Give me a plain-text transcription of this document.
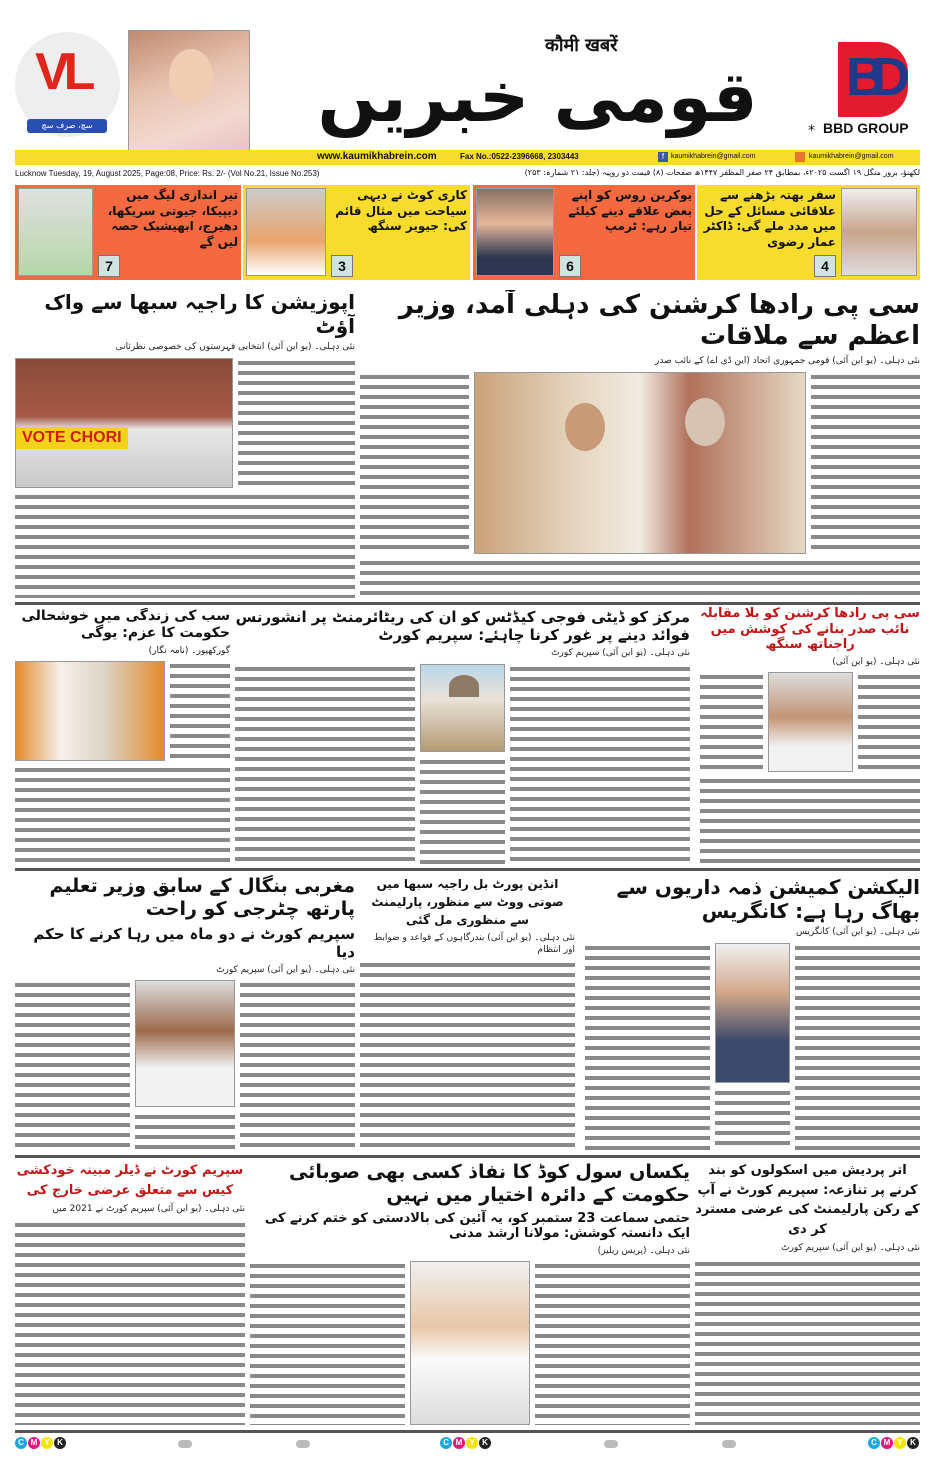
VL
سچ، صرف سچ
कौमी खबरें
قومی خبریں	*
BD
BBD GROUP
www.kaumikhabrein.com	Fax No.:0522-2396668, 2303443	f kaumikhabrein@gmail.com	kaumikhabrein@gmail.com
Lucknow Tuesday, 19, August 2025, Page:08, Price: Rs. 2/- (Vol No.21, Issue No.253)	لکھنؤ، بروز منگل ۱۹ اگست ۲۰۲۵ء، بمطابق ۲۴ صفر المظفر ۱۴۴۷ھ صفحات (۸) قیمت دو روپیہ (جلد: ۲۱ شمارہ: ۲۵۳)
تیر اندازی لیگ میں دیپیکا، جیوتی سریکھا، دھیرج، ابھیشیک حصہ لیں گے
7
کاری کوٹ نے دیہی سیاحت میں مثال قائم کی: جیویر سنگھ
3
یوکرین روس کو اپنے بعض علاقے دینے کیلئے تیار رہے: ٹرمپ
6
سفر بھتہ بڑھنے سے علاقائی مسائل کے حل میں مدد ملے گی: ڈاکٹر عمار رضوی
4
اپوزیشن کا راجیہ سبھا سے واک آؤٹ
نئی دہلی۔ (یو این آئی) انتخابی فہرستوں کی خصوصی نظرثانی
VOTE CHORI
سی پی رادھا کرشنن کی دہلی آمد، وزیر اعظم سے ملاقات
نئی دہلی۔ (یو این آئی) قومی جمہوری اتحاد (این ڈی اے) کے نائب صدر
سب کی زندگی میں خوشحالی حکومت کا عزم: یوگی
گورکھپور۔ (نامہ نگار)
مرکز کو ڈیٹی فوجی کیڈٹس کو ان کی ریٹائرمنٹ پر انشورنس فوائد دینے پر غور کرنا چاہئے: سپریم کورٹ
نئی دہلی۔ (یو این آئی) سپریم کورٹ
سی پی رادھا کرشنن کو بلا مقابلہ نائب صدر بنانے کی کوشش میں راجناتھ سنگھ
نئی دہلی۔ (یو این آئی)
مغربی بنگال کے سابق وزیر تعلیم پارتھ چٹرجی کو راحت
سپریم کورٹ نے دو ماہ میں رہا کرنے کا حکم دیا
نئی دہلی۔ (یو این آئی) سپریم کورٹ
انڈین پورٹ بل راجیہ سبھا میں صوتی ووٹ سے منظور، پارلیمنٹ سے منظوری مل گئی
نئی دہلی۔ (یو این آئی) بندرگاہوں کے قواعد و ضوابط اور انتظام
الیکشن کمیشن ذمہ داریوں سے بھاگ رہا ہے: کانگریس
نئی دہلی۔ (یو این آئی) کانگریس
سپریم کورٹ نے ڈیلر مبینہ خودکشی کیس سے متعلق عرضی خارج کی
نئی دہلی۔ (یو این آئی) سپریم کورٹ نے 2021 میں
یکساں سول کوڈ کا نفاذ کسی بھی صوبائی حکومت کے دائرہ اختیار میں نہیں
حتمی سماعت 23 ستمبر کو، یہ آئین کی بالادستی کو ختم کرنے کی ایک دانستہ کوشش: مولانا ارشد مدنی
نئی دہلی۔ (پریس ریلیز)
اتر پردیش میں اسکولوں کو بند کرنے پر تنازعہ: سپریم کورٹ نے آپ کے رکن پارلیمنٹ کی عرضی مسترد کر دی
نئی دہلی۔ (یو این آئی) سپریم کورٹ
C M Y K	C M Y K	C M Y K
